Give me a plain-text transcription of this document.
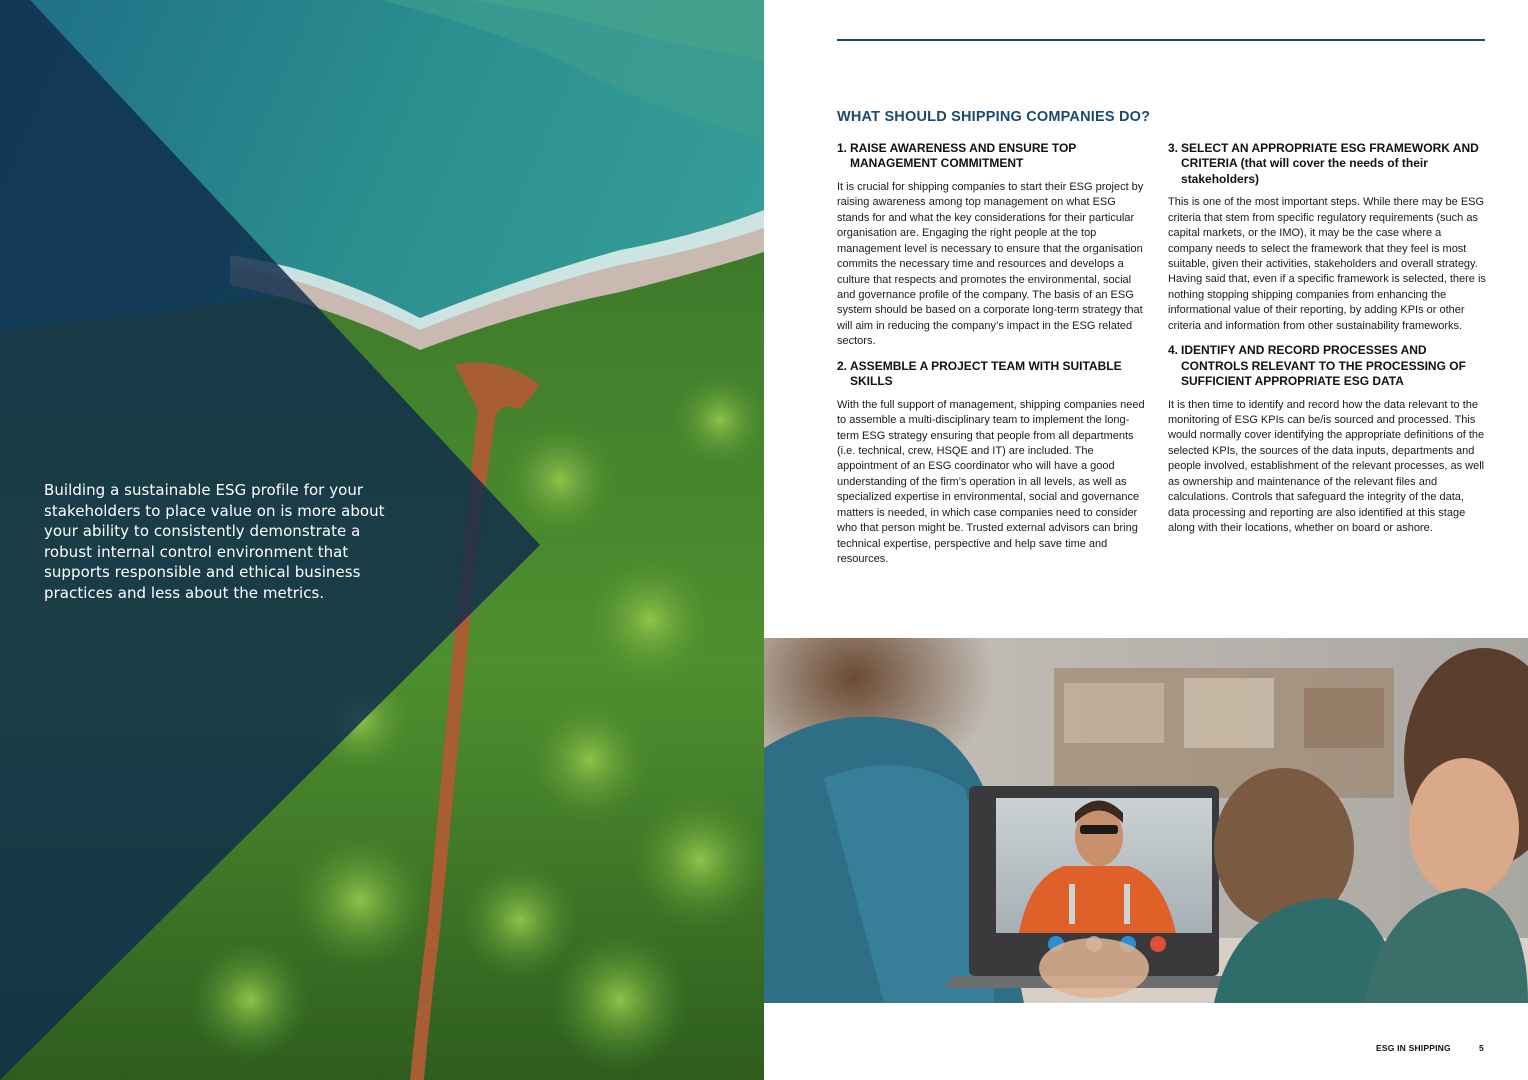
Building a sustainable ESG profile for your stakeholders to place value on is more about your ability to consistently demonstrate a robust internal control environment that supports responsible and ethical business practices and less about the metrics.
WHAT SHOULD SHIPPING COMPANIES DO?
1. RAISE AWARENESS AND ENSURE TOP MANAGEMENT COMMITMENT

It is crucial for shipping companies to start their ESG project by raising awareness among top management on what ESG stands for and what the key considerations for their particular organisation are. Engaging the right people at the top management level is necessary to ensure that the organisation commits the necessary time and resources and develops a culture that respects and promotes the environmental, social and governance profile of the company. The basis of an ESG system should be based on a corporate long-term strategy that will aim in reducing the company’s impact in the ESG related sectors.

2. ASSEMBLE A PROJECT TEAM WITH SUITABLE SKILLS

With the full support of management, shipping companies need to assemble a multi-disciplinary team to implement the long-term ESG strategy ensuring that people from all departments (i.e. technical, crew, HSQE and IT) are included. The appointment of an ESG coordinator who will have a good understanding of the firm’s operation in all levels, as well as specialized expertise in environmental, social and governance matters is needed, in which case companies need to consider who that person might be. Trusted external advisors can bring technical expertise, perspective and help save time and resources.

3. SELECT AN APPROPRIATE ESG FRAMEWORK AND CRITERIA (that will cover the needs of their stakeholders)

This is one of the most important steps. While there may be ESG criteria that stem from specific regulatory requirements (such as capital markets, or the IMO), it may be the case where a company needs to select the framework that they feel is most suitable, given their activities, stakeholders and overall strategy. Having said that, even if a specific framework is selected, there is nothing stopping shipping companies from enhancing the informational value of their reporting, by adding KPIs or other criteria and information from other sustainability frameworks.

4. IDENTIFY AND RECORD PROCESSES AND CONTROLS RELEVANT TO THE PROCESSING OF SUFFICIENT APPROPRIATE ESG DATA

It is then time to identify and record how the data relevant to the monitoring of ESG KPIs can be/is sourced and processed. This would normally cover identifying the appropriate definitions of the selected KPIs, the sources of the data inputs, departments and people involved, establishment of the relevant processes, as well as ownership and maintenance of the relevant files and calculations. Controls that safeguard the integrity of the data, data processing and reporting are also identified at this stage along with their locations, whether on board or ashore.

ESG IN SHIPPING	5
